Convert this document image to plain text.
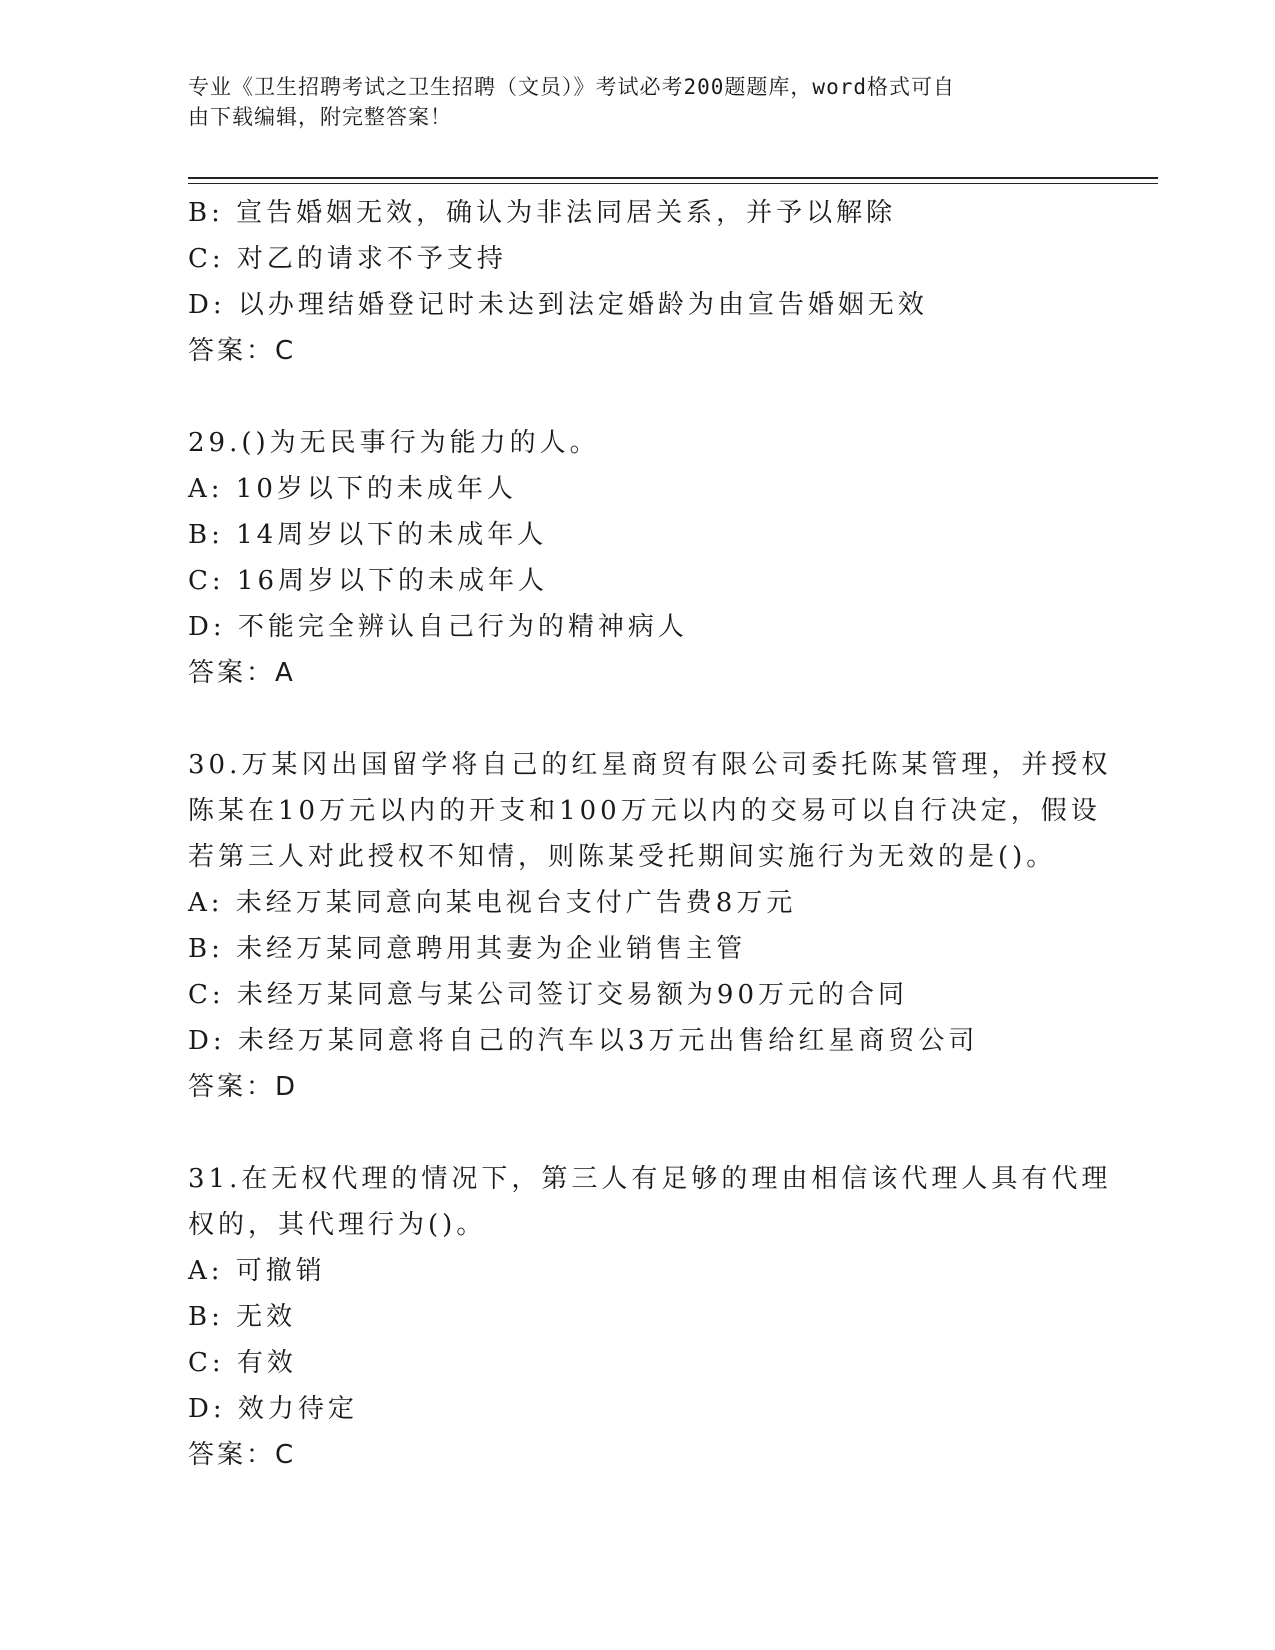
专业《卫生招聘考试之卫生招聘（文员）》考试必考200题题库，word格式可自
由下载编辑，附完整答案！
B: 宣告婚姻无效，确认为非法同居关系，并予以解除
C: 对乙的请求不予支持
D: 以办理结婚登记时未达到法定婚龄为由宣告婚姻无效
答案：C
29.()为无民事行为能力的人。
A: 10岁以下的未成年人
B: 14周岁以下的未成年人
C: 16周岁以下的未成年人
D: 不能完全辨认自己行为的精神病人
答案：A
30.万某冈出国留学将自己的红星商贸有限公司委托陈某管理，并授权
陈某在10万元以内的开支和100万元以内的交易可以自行决定，假设
若第三人对此授权不知情，则陈某受托期间实施行为无效的是()。
A: 未经万某同意向某电视台支付广告费8万元
B: 未经万某同意聘用其妻为企业销售主管
C: 未经万某同意与某公司签订交易额为90万元的合同
D: 未经万某同意将自己的汽车以3万元出售给红星商贸公司
答案：D
31.在无权代理的情况下，第三人有足够的理由相信该代理人具有代理
权的，其代理行为()。
A: 可撤销
B: 无效
C: 有效
D: 效力待定
答案：C
